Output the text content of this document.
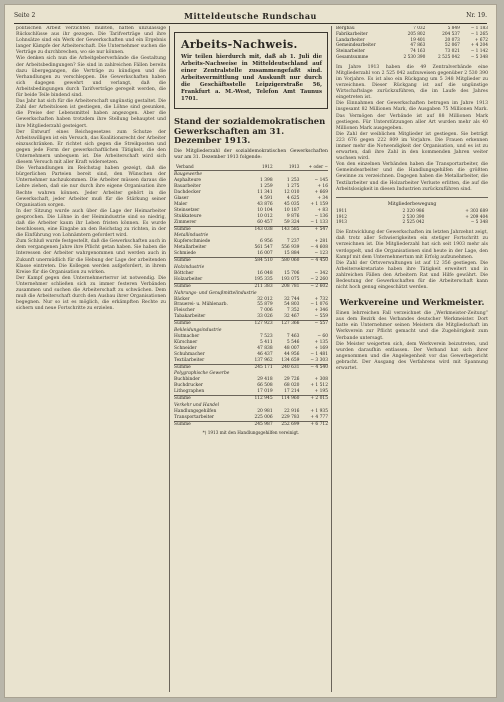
Seite 2	Mitteldeutsche Rundschau	Nr. 19.

politischen Arbeit verzichten müßten, hätten unzulässige Rückschlüsse aus ihr gezogen. Die Tarifverträge und ihre Lohnsätze sind ein Werk der Gewerkschaften und ein Ergebnis langer Kämpfe der Arbeiterschaft. Die Unternehmer suchen die Verträge zu durchbrechen, wo sie nur können.

Wie denken sich nun die Arbeitgeberverbände die Gestaltung der Arbeitsbedingungen? Sie sind in zahlreichen Fällen bereits dazu übergegangen, die Verträge zu kündigen und die Verhandlungen zu verschleppen. Die Gewerkschaften haben sich dagegen gewehrt und verlangt, daß die Arbeitsbedingungen durch Tarifverträge geregelt werden, die für beide Teile bindend sind.

Das Jahr hat sich für die Arbeiterschaft ungünstig gestaltet. Die Zahl der Arbeitslosen ist gestiegen, die Löhne sind gesunken, die Preise der Lebensmittel haben angezogen. Aber die Gewerkschaften haben trotzdem ihre Stellung behauptet und ihre Mitgliederzahl gesteigert.

Der Entwurf eines Reichsgesetzes zum Schutze der Arbeitswilligen ist ein Versuch, das Koalitionsrecht der Arbeiter einzuschränken. Er richtet sich gegen die Streikposten und gegen jede Form der gewerkschaftlichen Tätigkeit, die den Unternehmern unbequem ist. Die Arbeiterschaft wird sich diesem Versuch mit aller Kraft widersetzen.

Die Verhandlungen im Reichstag haben gezeigt, daß die bürgerlichen Parteien bereit sind, den Wünschen der Unternehmer nachzukommen. Die Arbeiter müssen daraus die Lehre ziehen, daß sie nur durch ihre eigene Organisation ihre Rechte wahren können. Jeder Arbeiter gehört in die Gewerkschaft, jeder Arbeiter muß für die Stärkung seiner Organisation sorgen.

In der Sitzung wurde auch über die Lage der Heimarbeiter gesprochen. Die Löhne in der Heimindustrie sind so niedrig, daß die Arbeiter kaum ihr Leben fristen können. Es wurde beschlossen, eine Eingabe an den Reichstag zu richten, in der die Einführung von Lohnämtern gefordert wird.

Zum Schluß wurde festgestellt, daß die Gewerkschaften auch in dem vergangenen Jahre ihre Pflicht getan haben. Sie haben die Interessen der Arbeiter wahrgenommen und werden auch in Zukunft unermüdlich für die Hebung der Lage der arbeitenden Klasse eintreten. Die Kollegen werden aufgefordert, in ihrem Kreise für die Organisation zu wirken.

Der Kampf gegen den Unternehmerterror ist notwendig. Die Unternehmer schließen sich zu immer festeren Verbänden zusammen und suchen die Arbeiterschaft zu schwächen. Dem muß die Arbeiterschaft durch den Ausbau ihrer Organisationen begegnen. Nur so ist es möglich, die erkämpften Rechte zu sichern und neue Fortschritte zu erzielen.

Arbeits-Nachweis.
Wir teilen hierdurch mit, daß ab 1. Juli die Arbeits-Nachweise in Mitteldeutschland auf einer Zentralstelle zusammengefaßt sind. Arbeitsvermittlung und Auskunft nur durch die Geschäftsstelle Leipzigerstraße 56, Frankfurt a. M.-West, Telefon Amt Taunus 1701.
Stand der sozialdemokratischen Gewerkschaften am 31. Dezember 1913.
Die Mitgliederzahl der sozialdemokratischen Gewerkschaften war am 31. Dezember 1913 folgende:
Verband	1912	1913	+ oder −
Baugewerbe			
Asphalteure	1 398	1 253	− 145
Bauarbeiter	1 259	1 275	+ 16
Dachdecker	11 341	12 010	+ 669
Glaser	4 591	4 625	+ 34
Maler	43 876	45 035	+ 1 159
Steinsetzer	10 104	10 187	+ 83
Stukkateure	10 012	9 876	− 136
Zimmerer	60 457	59 324	− 1 133
Summe	143 038	143 585	+ 547
Metallindustrie			
Kupferschmiede	6 956	7 237	+ 281
Metallarbeiter	561 547	556 939	− 4 608
Schmiede	16 007	15 884	− 123
Summe	584 510	580 060	− 4 450
Holzindustrie			
Böttcher	16 048	15 706	− 342
Holzarbeiter	195 335	193 075	− 2 260
Summe	211 383	208 781	− 2 602
Nahrungs- und Genußmittelindustrie			
Bäcker	32 012	32 744	+ 732
Brauerei- u. Mühlenarb.	55 879	54 803	− 1 076
Fleischer	7 006	7 352	+ 346
Tabakarbeiter	33 026	32 467	− 559
Summe	127 923	127 366	− 557
Bekleidungsindustrie			
Hutmacher	7 523	7 463	− 60
Kürschner	5 411	5 546	+ 135
Schneider	47 838	48 007	+ 169
Schuhmacher	46 437	44 956	− 1 481
Textilarbeiter	137 962	134 659	− 3 303
Summe	245 171	240 631	− 4 540
Polygraphische Gewerbe			
Buchbinder	29 418	29 726	+ 308
Buchdrucker	66 508	68 020	+ 1 512
Lithographen	17 019	17 214	+ 195
Summe	112 945	114 960	+ 2 015
Verkehr und Handel			
Handlungsgehilfen	20 981	22 916	+ 1 935
Transportarbeiter	225 006	229 783	+ 4 777
Summe	245 987	252 699	+ 6 712
*) 1913 mit den Handlungsgehilfen vereinigt.
Bergbau	7 032	5 849	− 1 183
Fabrikarbeiter	205 802	204 537	− 1 265
Landarbeiter	19 401	20 073	+ 672
Gemeindearbeiter	47 863	52 067	+ 4 204
Steinarbeiter	74 163	73 021	− 1 142
Gesamtsumme	2 530 390	2 525 042	− 5 348

Im Jahre 1913 haben die 49 Zentralverbände eine Mitgliederzahl von 2 525 042 aufzuweisen gegenüber 2 530 390 im Vorjahre. Es ist also ein Rückgang um 5 348 Mitglieder zu verzeichnen. Dieser Rückgang ist auf die ungünstige Wirtschaftslage zurückzuführen, die im Laufe des Jahres eingetreten ist.

Die Einnahmen der Gewerkschaften betrugen im Jahre 1913 insgesamt 82 Millionen Mark, die Ausgaben 75 Millionen Mark. Das Vermögen der Verbände ist auf 88 Millionen Mark gestiegen. Für Unterstützungen aller Art wurden mehr als 40 Millionen Mark ausgegeben.

Die Zahl der weiblichen Mitglieder ist gestiegen. Sie beträgt 223 676 gegen 222 809 im Vorjahre. Die Frauen erkennen immer mehr die Notwendigkeit der Organisation, und es ist zu erwarten, daß ihre Zahl in den kommenden Jahren weiter wachsen wird.

Von den einzelnen Verbänden haben die Transportarbeiter, die Gemeindearbeiter und die Handlungsgehilfen die größten Gewinne zu verzeichnen. Dagegen haben die Metallarbeiter, die Textilarbeiter und die Holzarbeiter Verluste erlitten, die auf die Arbeitslosigkeit in diesen Industrien zurückzuführen sind.

Mitgliederbewegung
1911	2 320 986	+ 303 689
1912	2 530 390	+ 209 404
1913	2 525 042	− 5 348

Die Entwicklung der Gewerkschaften im letzten Jahrzehnt zeigt, daß trotz aller Schwierigkeiten ein stetiger Fortschritt zu verzeichnen ist. Die Mitgliederzahl hat sich seit 1903 mehr als verdoppelt, und die Organisationen sind heute in der Lage, den Kampf mit dem Unternehmertum mit Erfolg aufzunehmen.

Die Zahl der Ortsverwaltungen ist auf 12 356 gestiegen. Die Arbeitersekretariate haben ihre Tätigkeit erweitert und in zahlreichen Fällen den Arbeitern Rat und Hilfe gewährt. Die Bedeutung der Gewerkschaften für die Arbeiterschaft kann nicht hoch genug eingeschätzt werden.

Werkvereine und Werkmeister.

Einen lehrreichen Fall verzeichnet die „Werkmeister-Zeitung“ aus dem Bezirk des Verbandes deutscher Werkmeister. Dort hatte ein Unternehmer seinen Meistern die Mitgliedschaft im Werkverein zur Pflicht gemacht und die Zugehörigkeit zum Verbande untersagt.

Die Meister weigerten sich, dem Werkverein beizutreten, und wurden daraufhin entlassen. Der Verband hat sich ihrer angenommen und die Angelegenheit vor das Gewerbegericht gebracht. Der Ausgang des Verfahrens wird mit Spannung erwartet.
